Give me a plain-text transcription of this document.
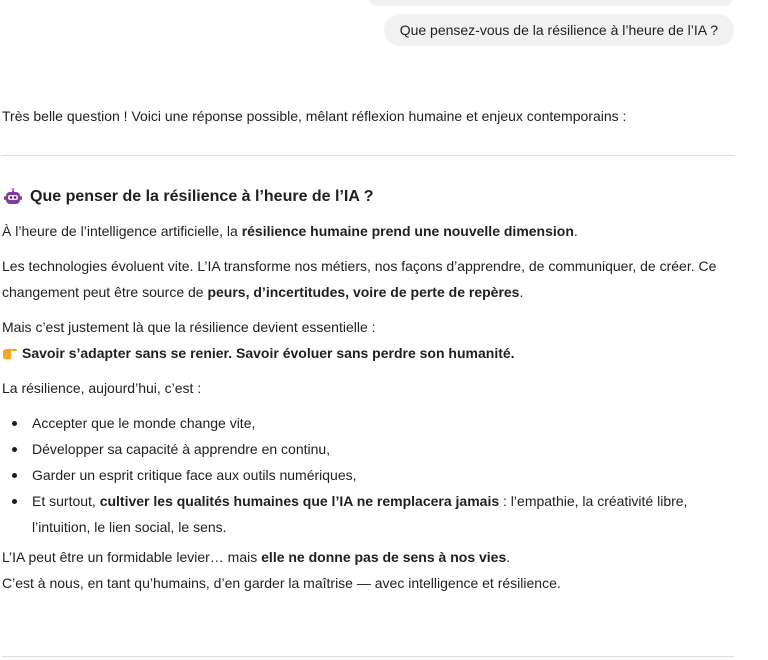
Que pensez-vous de la résilience à l’heure de l’IA ?
Très belle question ! Voici une réponse possible, mêlant réflexion humaine et enjeux contemporains :
Que penser de la résilience à l’heure de l’IA ?

À l’heure de l’intelligence artificielle, la résilience humaine prend une nouvelle dimension.

Les technologies évoluent vite. L’IA transforme nos métiers, nos façons d’apprendre, de communiquer, de créer. Ce changement peut être source de peurs, d’incertitudes, voire de perte de repères.

Mais c’est justement là que la résilience devient essentielle :
Savoir s’adapter sans se renier. Savoir évoluer sans perdre son humanité.

La résilience, aujourd’hui, c’est :

Accepter que le monde change vite,
Développer sa capacité à apprendre en continu,
Garder un esprit critique face aux outils numériques,
Et surtout, cultiver les qualités humaines que l’IA ne remplacera jamais : l’empathie, la créativité libre, l’intuition, le lien social, le sens.

L’IA peut être un formidable levier… mais elle ne donne pas de sens à nos vies.
C’est à nous, en tant qu’humains, d’en garder la maîtrise — avec intelligence et résilience.
